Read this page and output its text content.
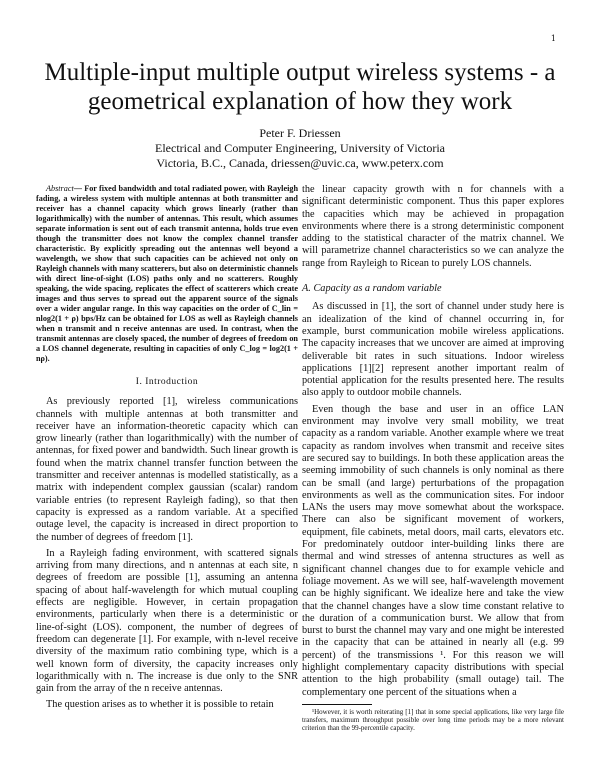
1
Multiple-input multiple output wireless systems - a geometrical explanation of how they work
Peter F. Driessen
Electrical and Computer Engineering, University of Victoria
Victoria, B.C., Canada, driessen@uvic.ca, www.peterx.com

Abstract— For fixed bandwidth and total radiated power, with Rayleigh fading, a wireless system with multiple antennas at both transmitter and receiver has a channel capacity which grows linearly (rather than logarithmically) with the number of antennas. This result, which assumes separate information is sent out of each transmit antenna, holds true even though the transmitter does not know the complex channel transfer characteristic. By explicitly spreading out the antennas well beyond a wavelength, we show that such capacities can be achieved not only on Rayleigh channels with many scatterers, but also on deterministic channels with direct line-of-sight (LOS) paths only and no scatterers. Roughly speaking, the wide spacing, replicates the effect of scatterers which create images and thus serves to spread out the apparent source of the signals over a wider angular range. In this way capacities on the order of C_lin = nlog2(1 + ρ) bps/Hz can be obtained for LOS as well as Rayleigh channels when n transmit and n receive antennas are used. In contrast, when the transmit antennas are closely spaced, the number of degrees of freedom on a LOS channel degenerate, resulting in capacities of only C_log = log2(1 + nρ).

I. Introduction

As previously reported [1], wireless communications channels with multiple antennas at both transmitter and receiver have an information-theoretic capacity which can grow linearly (rather than logarithmically) with the number of antennas, for fixed power and bandwidth. Such linear growth is found when the matrix channel transfer function between the transmitter and receiver antennas is modelled statistically, as a matrix with independent complex gaussian (scalar) random variable entries (to represent Rayleigh fading), so that then capacity is expressed as a random variable. At a specified outage level, the capacity is increased in direct proportion to the number of degrees of freedom [1].

In a Rayleigh fading environment, with scattered signals arriving from many directions, and n antennas at each site, n degrees of freedom are possible [1], assuming an antenna spacing of about half-wavelength for which mutual coupling effects are negligible. However, in certain propagation environments, particularly when there is a deterministic or line-of-sight (LOS). component, the number of degrees of freedom can degenerate [1]. For example, with n-level receive diversity of the maximum ratio combining type, which is a well known form of diversity, the capacity increases only logarithmically with n. The increase is due only to the SNR gain from the array of the n receive antennas.

The question arises as to whether it is possible to retain

the linear capacity growth with n for channels with a significant deterministic component. Thus this paper explores the capacities which may be achieved in propagation environments where there is a strong deterministic component adding to the statistical character of the matrix channel. We will parametrize channel characteristics so we can analyze the range from Rayleigh to Ricean to purely LOS channels.

A. Capacity as a random variable

As discussed in [1], the sort of channel under study here is an idealization of the kind of channel occurring in, for example, burst communication mobile wireless applications. The capacity increases that we uncover are aimed at improving deliverable bit rates in such situations. Indoor wireless applications [1][2] represent another important realm of potential application for the results presented here. The results also apply to outdoor mobile channels.

Even though the base and user in an office LAN environment may involve very small mobility, we treat capacity as a random variable. Another example where we treat capacity as random involves when transmit and receive sites are secured say to buildings. In both these application areas the seeming immobility of such channels is only nominal as there can be small (and large) perturbations of the propagation environments as well as the communication sites. For indoor LANs the users may move somewhat about the workspace. There can also be significant movement of workers, equipment, file cabinets, metal doors, mail carts, elevators etc. For predominately outdoor inter-building links there are thermal and wind stresses of antenna structures as well as significant channel changes due to for example vehicle and foliage movement. As we will see, half-wavelength movement can be highly significant. We idealize here and take the view that the channel changes have a slow time constant relative to the duration of a communication burst. We allow that from burst to burst the channel may vary and one might be interested in the capacity that can be attained in nearly all (e.g. 99 percent) of the transmissions ¹. For this reason we will highlight complementary capacity distributions with special attention to the high probability (small outage) tail. The complementary one percent of the situations when a

¹However, it is worth reiterating [1] that in some special applications, like very large file transfers, maximum throughput possible over long time periods may be a more relevant criterion than the 99-percentile capacity.
